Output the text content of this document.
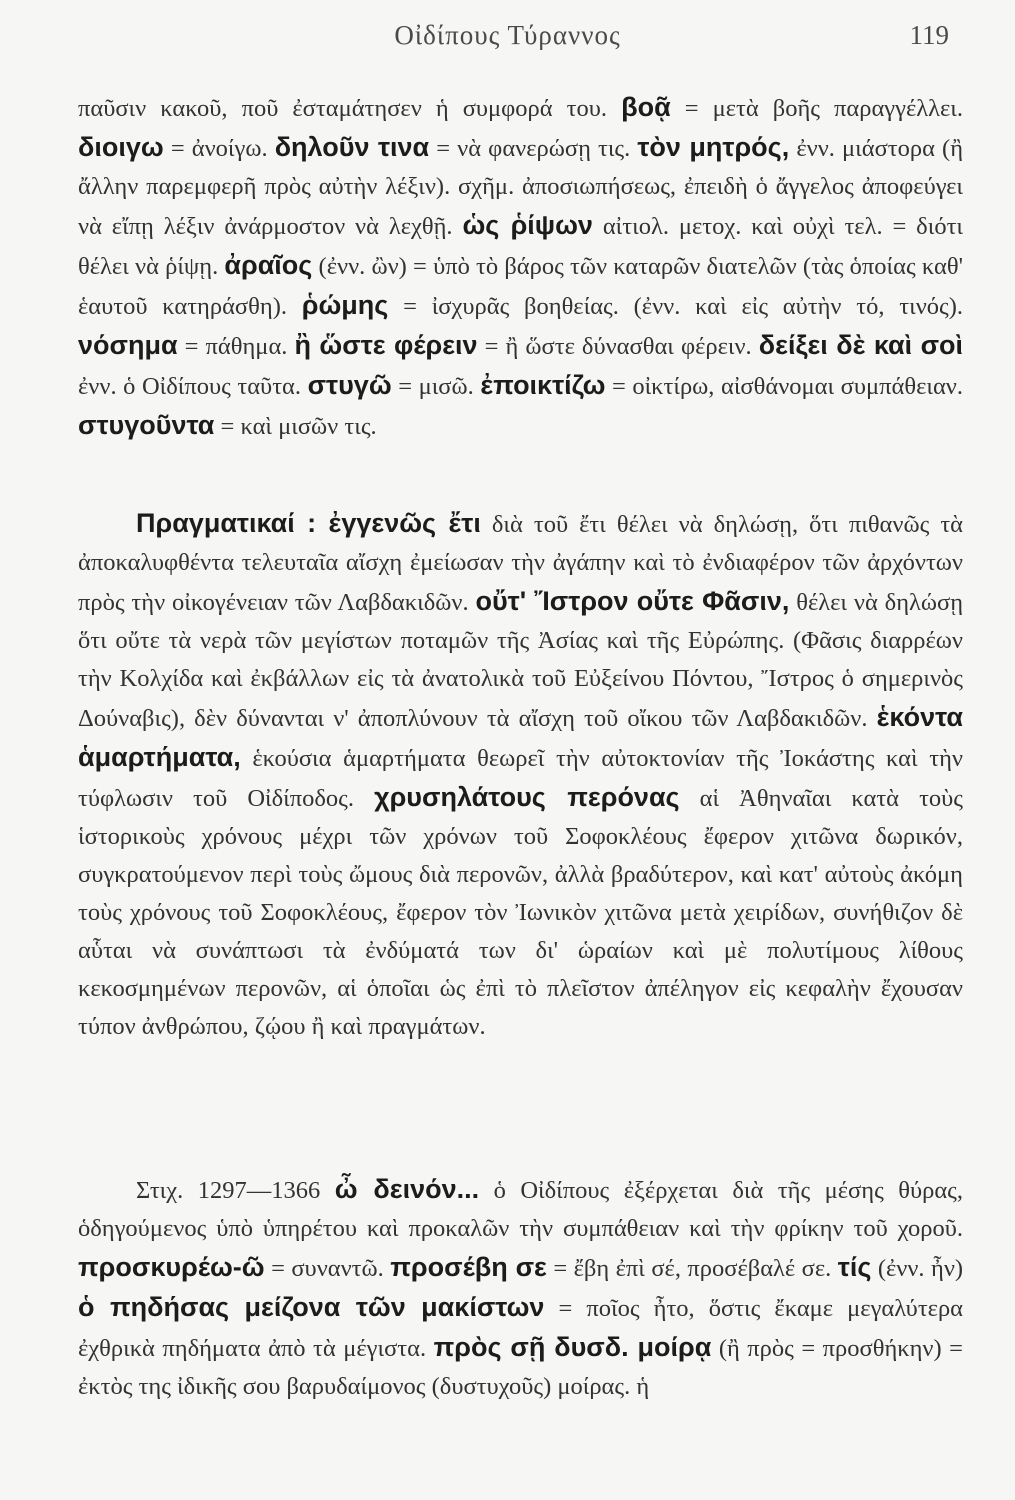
Οἰδίπους Τύραννος	119

παῦσιν κακοῦ, ποῦ ἐσταμάτησεν ἡ συμφορά του. βοᾷ = μετὰ βοῆς παραγγέλλει. διοιγω = ἀνοίγω. δηλοῦν τινα = νὰ φανερώσῃ τις. τὸν μητρός, ἐνν. μιάστορα (ἢ ἄλλην παρεμφερῆ πρὸς αὐτὴν λέξιν). σχῆμ. ἀποσιωπήσεως, ἐπειδὴ ὁ ἄγγελος ἀποφεύγει νὰ εἴπῃ λέξιν ἀνάρμοστον νὰ λεχθῇ. ὡς ῥίψων αἰτιολ. μετοχ. καὶ οὐχὶ τελ. = διότι θέλει νὰ ῥίψῃ. ἀραῖος (ἐνν. ὢν) = ὑπὸ τὸ βάρος τῶν καταρῶν διατελῶν (τὰς ὁποίας καθ' ἑαυτοῦ κατηράσθη). ῥώμης = ἰσχυρᾶς βοηθείας. (ἐνν. καὶ εἰς αὐτὴν τό, τινός). νόσημα = πάθημα. ἢ ὥστε φέρειν = ἢ ὥστε δύνασθαι φέρειν. δείξει δὲ καὶ σοὶ ἐνν. ὁ Οἰδίπους ταῦτα. στυγῶ = μισῶ. ἐποικτίζω = οἰκτίρω, αἰσθάνομαι συμπάθειαν. στυγοῦντα = καὶ μισῶν τις.

Πραγματικαί : ἐγγενῶς ἔτι διὰ τοῦ ἔτι θέλει νὰ δηλώσῃ, ὅτι πιθανῶς τὰ ἀποκαλυφθέντα τελευταῖα αἴσχη ἐμείωσαν τὴν ἀγάπην καὶ τὸ ἐνδιαφέρον τῶν ἀρχόντων πρὸς τὴν οἰκογένειαν τῶν Λαβδακιδῶν. οὔτ' Ἴστρον οὔτε Φᾶσιν, θέλει νὰ δηλώσῃ ὅτι οὔτε τὰ νερὰ τῶν μεγίστων ποταμῶν τῆς Ἀσίας καὶ τῆς Εὐρώπης. (Φᾶσις διαρρέων τὴν Κολχίδα καὶ ἐκβάλλων εἰς τὰ ἀνατολικὰ τοῦ Εὐξείνου Πόντου, Ἴστρος ὁ σημερινὸς Δούναβις), δὲν δύνανται ν' ἀποπλύνουν τὰ αἴσχη τοῦ οἴκου τῶν Λαβδακιδῶν. ἑκόντα ἁμαρτήματα, ἑκούσια ἁμαρτήματα θεωρεῖ τὴν αὐτοκτονίαν τῆς Ἰοκάστης καὶ τὴν τύφλωσιν τοῦ Οἰδίποδος. χρυσηλάτους περόνας αἱ Ἀθηναῖαι κατὰ τοὺς ἱστορικοὺς χρόνους μέχρι τῶν χρόνων τοῦ Σοφοκλέους ἔφερον χιτῶνα δωρικόν, συγκρατούμενον περὶ τοὺς ὤμους διὰ περονῶν, ἀλλὰ βραδύτερον, καὶ κατ' αὐτοὺς ἀκόμη τοὺς χρόνους τοῦ Σοφοκλέους, ἔφερον τὸν Ἰωνικὸν χιτῶνα μετὰ χειρίδων, συνήθιζον δὲ αὗται νὰ συνάπτωσι τὰ ἐνδύματά των δι' ὡραίων καὶ μὲ πολυτίμους λίθους κεκοσμημένων περονῶν, αἱ ὁποῖαι ὡς ἐπὶ τὸ πλεῖστον ἀπέληγον εἰς κεφαλὴν ἔχουσαν τύπον ἀνθρώπου, ζῴου ἢ καὶ πραγμάτων.

Στιχ. 1297—1366 ὦ δεινόν... ὁ Οἰδίπους ἐξέρχεται διὰ τῆς μέσης θύρας, ὁδηγούμενος ὑπὸ ὑπηρέτου καὶ προκαλῶν τὴν συμπάθειαν καὶ τὴν φρίκην τοῦ χοροῦ. προσκυρέω-ῶ = συναντῶ. προσέβη σε = ἔβη ἐπὶ σέ, προσέβαλέ σε. τίς (ἐνν. ἦν) ὁ πηδήσας μείζονα τῶν μακίστων = ποῖος ἦτο, ὅστις ἔκαμε μεγαλύτερα ἐχθρικὰ πηδήματα ἀπὸ τὰ μέγιστα. πρὸς σῇ δυσδ. μοίρᾳ (ἢ πρὸς = προσθήκην) = ἐκτὸς της ἰδικῆς σου βαρυδαίμονος (δυστυχοῦς) μοίρας. ἡ
